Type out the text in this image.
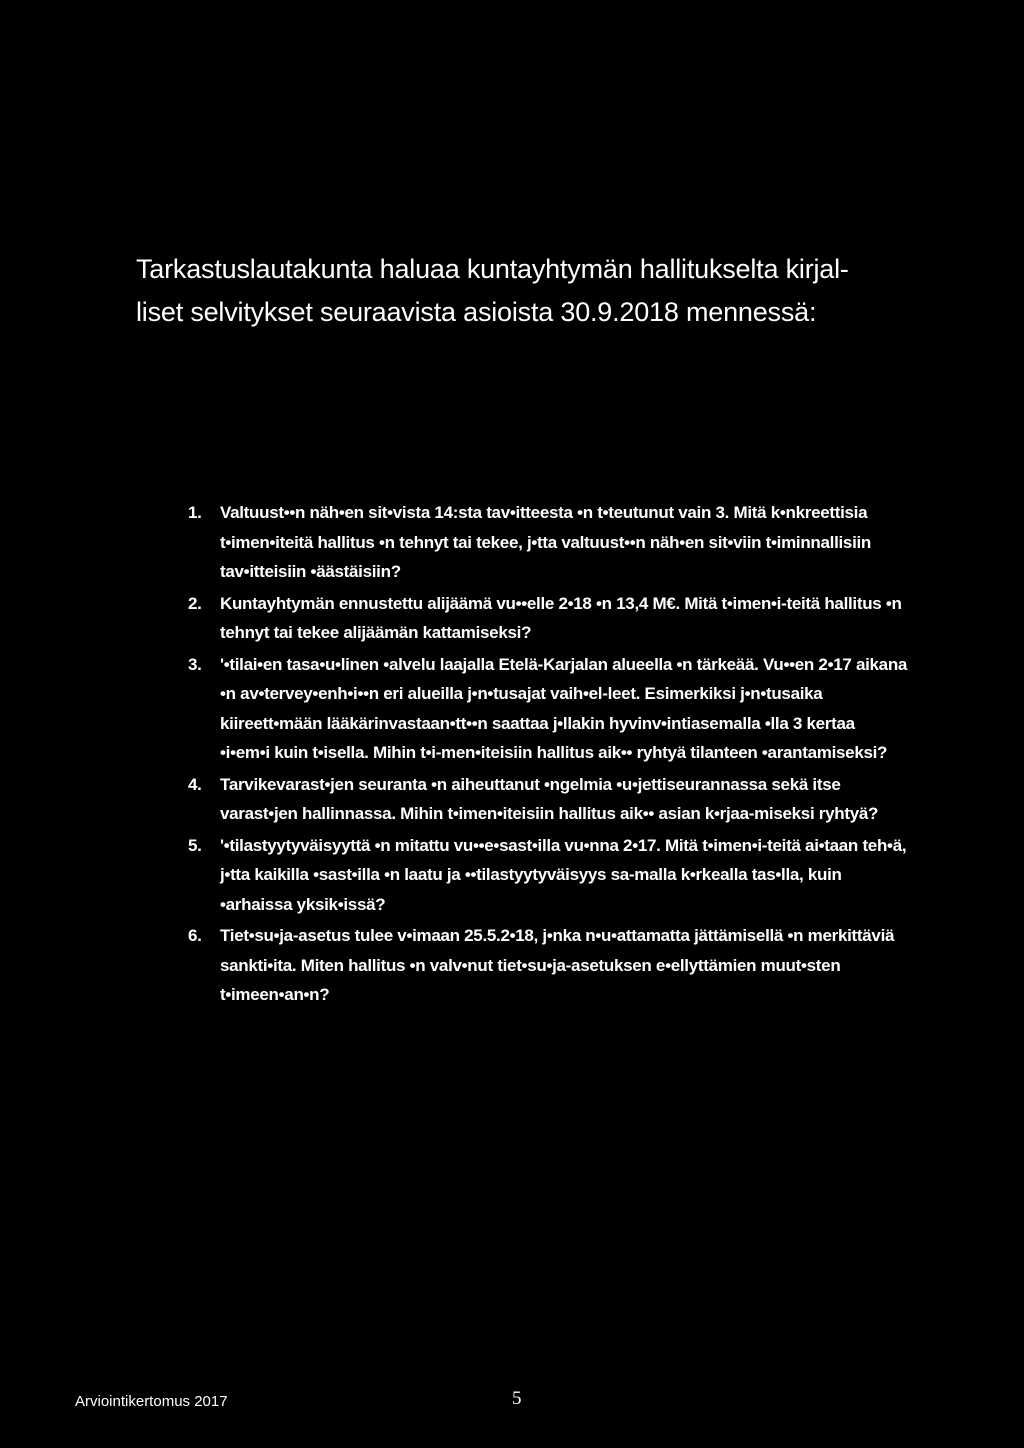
Tarkastuslautakunta haluaa kuntayhtymän hallitukselta kirjal-

liset selvitykset seuraavista asioista 30.9.2018 mennessä:

1. Valtuust••n näh•en sit•vista 14:sta tav•itteesta •n t•teutunut vain 3. Mitä k•nkreettisia t•imen•iteitä hallitus •n tehnyt tai tekee, j•tta valtuust••n näh•en sit•viin t•iminnallisiin tav•itteisiin •äästäisiin?
2. Kuntayhtymän ennustettu alijäämä vu••elle 2•18 •n 13,4 M€. Mitä t•imen•i-teitä hallitus •n tehnyt tai tekee alijäämän kattamiseksi?
3. '•tilai•en tasa•u•linen •alvelu laajalla Etelä-Karjalan alueella •n tärkeää. Vu••en 2•17 aikana •n av•tervey•enh•i••n eri alueilla j•n•tusajat vaih•el-leet. Esimerkiksi j•n•tusaika kiireett•mään lääkärinvastaan•tt••n saattaa j•llakin hyvinv•intiasemalla •lla 3 kertaa •i•em•i kuin t•isella. Mihin t•i-men•iteisiin hallitus aik•• ryhtyä tilanteen •arantamiseksi?
4. Tarvikevarast•jen seuranta •n aiheuttanut •ngelmia •u•jettiseurannassa sekä itse varast•jen hallinnassa. Mihin t•imen•iteisiin hallitus aik•• asian k•rjaa-miseksi ryhtyä?
5. '•tilastyytyväisyyttä •n mitattu vu••e•sast•illa vu•nna 2•17. Mitä t•imen•i-teitä ai•taan teh•ä, j•tta kaikilla •sast•illa •n laatu ja ••tilastyytyväisyys sa-malla k•rkealla tas•lla, kuin •arhaissa yksik•issä?
6. Tiet•su•ja-asetus tulee v•imaan 25.5.2•18, j•nka n•u•attamatta jättämisellä •n merkittäviä sankti•ita. Miten hallitus •n valv•nut tiet•su•ja-asetuksen e•ellyttämien muut•sten t•imeen•an•n?
Arviointikertomus 2017	5
